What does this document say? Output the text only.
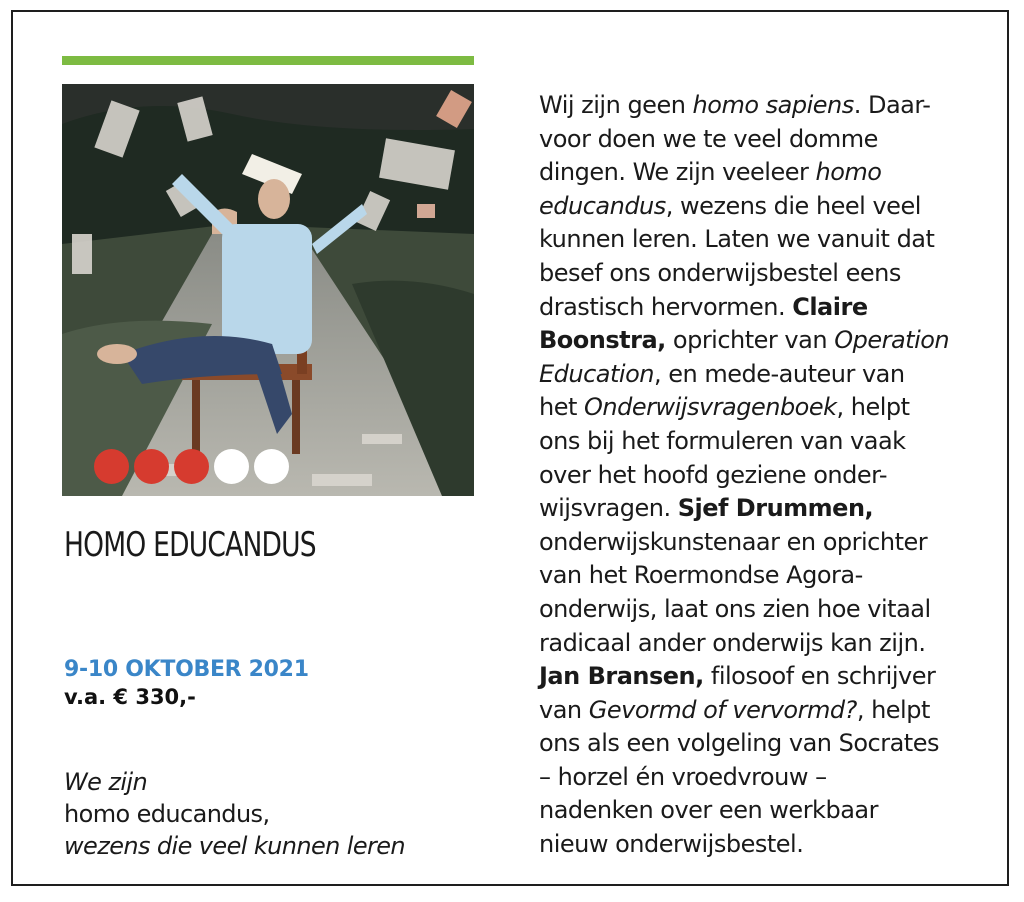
HOMO EDUCANDUS
9-10 OKTOBER 2021
v.a. € 330,-
We zijn
homo educandus,
wezens die veel kunnen leren
Wij zijn geen homo sapiens. Daar-
voor doen we te veel domme
dingen. We zijn veeleer homo
educandus, wezens die heel veel
kunnen leren. Laten we vanuit dat
besef ons onderwijsbestel eens
drastisch hervormen. Claire
Boonstra, oprichter van Operation
Education, en mede-auteur van
het Onderwijsvragenboek, helpt
ons bij het formuleren van vaak
over het hoofd geziene onder-
wijsvragen. Sjef Drummen,
onderwijskunstenaar en oprichter
van het Roermondse Agora-
onderwijs, laat ons zien hoe vitaal
radicaal ander onderwijs kan zijn.
Jan Bransen, filosoof en schrijver
van Gevormd of vervormd?, helpt
ons als een volgeling van Socrates
– horzel én vroedvrouw –
nadenken over een werkbaar
nieuw onderwijsbestel.
